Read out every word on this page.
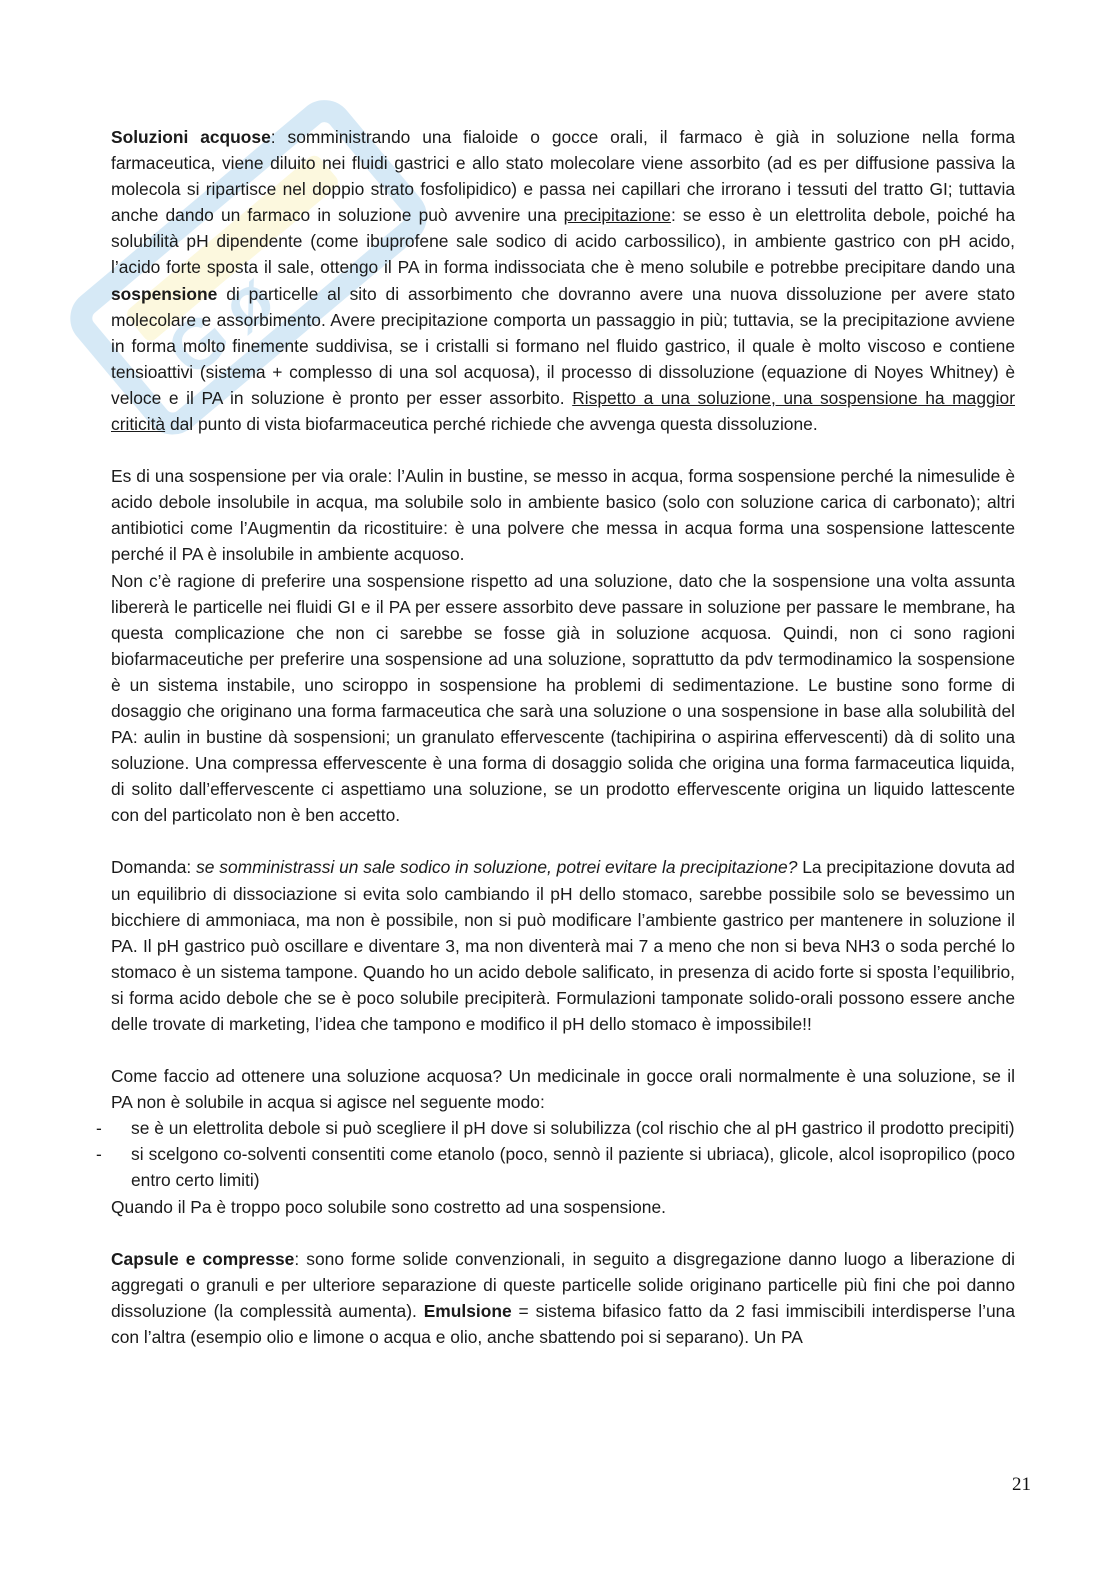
G
ø

Soluzioni acquose: somministrando una fialoide o gocce orali, il farmaco è già in soluzione nella forma farmaceutica, viene diluito nei fluidi gastrici e allo stato molecolare viene assorbito (ad es per diffusione passiva la molecola si ripartisce nel doppio strato fosfolipidico) e passa nei capillari che irrorano i tessuti del tratto GI; tuttavia anche dando un farmaco in soluzione può avvenire una precipitazione: se esso è un elettrolita debole, poiché ha solubilità pH dipendente (come ibuprofene sale sodico di acido carbossilico), in ambiente gastrico con pH acido, l’acido forte sposta il sale, ottengo il PA in forma indissociata che è meno solubile e potrebbe precipitare dando una sospensione di particelle al sito di assorbimento che dovranno avere una nuova dissoluzione per avere stato molecolare e assorbimento. Avere precipitazione comporta un passaggio in più; tuttavia, se la precipitazione avviene in forma molto finemente suddivisa, se i cristalli si formano nel fluido gastrico, il quale è molto viscoso e contiene tensioattivi (sistema + complesso di una sol acquosa), il processo di dissoluzione (equazione di Noyes Whitney) è veloce e il PA in soluzione è pronto per esser assorbito. Rispetto a una soluzione, una sospensione ha maggior criticità dal punto di vista biofarmaceutica perché richiede che avvenga questa dissoluzione.

Es di una sospensione per via orale: l’Aulin in bustine, se messo in acqua, forma sospensione perché la nimesulide è acido debole insolubile in acqua, ma solubile solo in ambiente basico (solo con soluzione carica di carbonato); altri antibiotici come l’Augmentin da ricostituire: è una polvere che messa in acqua forma una sospensione lattescente perché il PA è insolubile in ambiente acquoso.

Non c’è ragione di preferire una sospensione rispetto ad una soluzione, dato che la sospensione una volta assunta libererà le particelle nei fluidi GI e il PA per essere assorbito deve passare in soluzione per passare le membrane, ha questa complicazione che non ci sarebbe se fosse già in soluzione acquosa. Quindi, non ci sono ragioni biofarmaceutiche per preferire una sospensione ad una soluzione, soprattutto da pdv termodinamico la sospensione è un sistema instabile, uno sciroppo in sospensione ha problemi di sedimentazione. Le bustine sono forme di dosaggio che originano una forma farmaceutica che sarà una soluzione o una sospensione in base alla solubilità del PA: aulin in bustine dà sospensioni; un granulato effervescente (tachipirina o aspirina effervescenti) dà di solito una soluzione. Una compressa effervescente è una forma di dosaggio solida che origina una forma farmaceutica liquida, di solito dall’effervescente ci aspettiamo una soluzione, se un prodotto effervescente origina un liquido lattescente con del particolato non è ben accetto.

Domanda: se somministrassi un sale sodico in soluzione, potrei evitare la precipitazione? La precipitazione dovuta ad un equilibrio di dissociazione si evita solo cambiando il pH dello stomaco, sarebbe possibile solo se bevessimo un bicchiere di ammoniaca, ma non è possibile, non si può modificare l’ambiente gastrico per mantenere in soluzione il PA. Il pH gastrico può oscillare e diventare 3, ma non diventerà mai 7 a meno che non si beva NH3 o soda perché lo stomaco è un sistema tampone. Quando ho un acido debole salificato, in presenza di acido forte si sposta l’equilibrio, si forma acido debole che se è poco solubile precipiterà. Formulazioni tamponate solido-orali possono essere anche delle trovate di marketing, l’idea che tampono e modifico il pH dello stomaco è impossibile!!

Come faccio ad ottenere una soluzione acquosa? Un medicinale in gocce orali normalmente è una soluzione, se il PA non è solubile in acqua si agisce nel seguente modo:

- se è un elettrolita debole si può scegliere il pH dove si solubilizza (col rischio che al pH gastrico il prodotto precipiti)
- si scelgono co-solventi consentiti come etanolo (poco, sennò il paziente si ubriaca), glicole, alcol isopropilico (poco entro certo limiti)

Quando il Pa è troppo poco solubile sono costretto ad una sospensione.

Capsule e compresse: sono forme solide convenzionali, in seguito a disgregazione danno luogo a liberazione di aggregati o granuli e per ulteriore separazione di queste particelle solide originano particelle più fini che poi danno dissoluzione (la complessità aumenta). Emulsione = sistema bifasico fatto da 2 fasi immiscibili interdisperse l’una con l’altra (esempio olio e limone o acqua e olio, anche sbattendo poi si separano). Un PA

21
